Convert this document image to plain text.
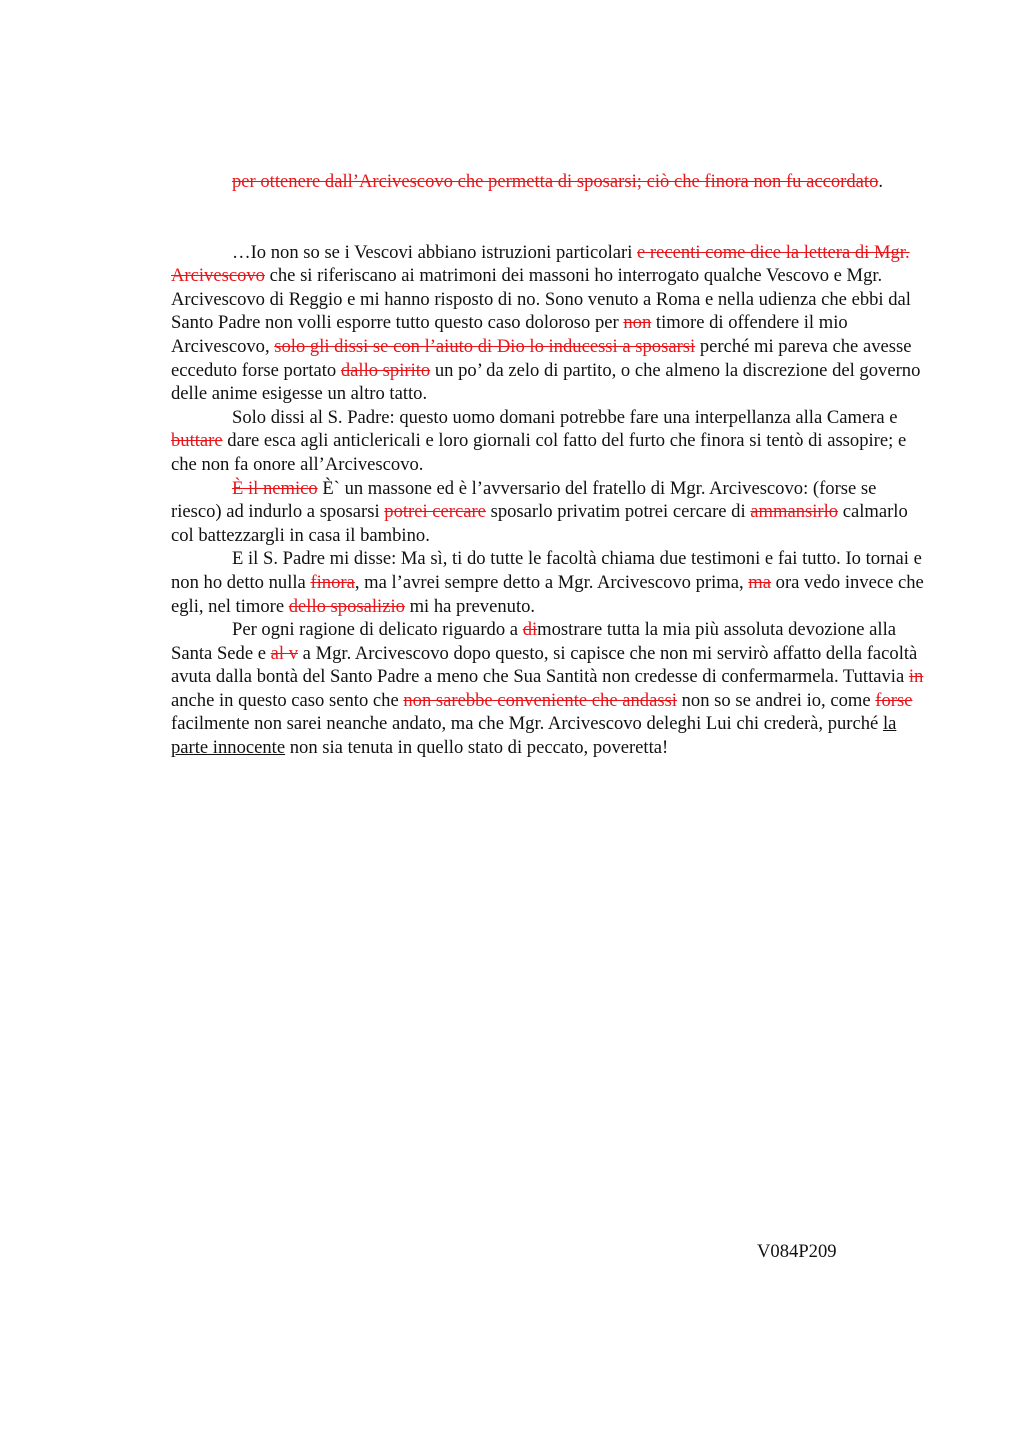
per ottenere dall’Arcivescovo che permetta di sposarsi; ciò che finora non fu accordato.

…Io non so se i Vescovi abbiano istruzioni particolari e recenti come dice la lettera di Mgr. Arcivescovo che si riferiscano ai matrimoni dei massoni ho interrogato qualche Vescovo e Mgr. Arcivescovo di Reggio e mi hanno risposto di no. Sono venuto a Roma e nella udienza che ebbi dal Santo Padre non volli esporre tutto questo caso doloroso per non timore di offendere il mio Arcivescovo, solo gli dissi se con l’aiuto di Dio lo inducessi a sposarsi perché mi pareva che avesse ecceduto forse portato dallo spirito un po’ da zelo di partito, o che almeno la discrezione del governo delle anime esigesse un altro tatto.

Solo dissi al S. Padre: questo uomo domani potrebbe fare una interpellanza alla Camera e buttare dare esca agli anticlericali e loro giornali col fatto del furto che finora si tentò di assopire; e che non fa onore all’Arcivescovo.

È il nemico È` un massone ed è l’avversario del fratello di Mgr. Arcivescovo: (forse se riesco) ad indurlo a sposarsi potrei cercare sposarlo privatim potrei cercare di ammansirlo calmarlo col battezzargli in casa il bambino.

E il S. Padre mi disse: Ma sì, ti do tutte le facoltà chiama due testimoni e fai tutto. Io tornai e non ho detto nulla finora, ma l’avrei sempre detto a Mgr. Arcivescovo prima, ma ora vedo invece che egli, nel timore dello sposalizio mi ha prevenuto.

Per ogni ragione di delicato riguardo a dimostrare tutta la mia più assoluta devozione alla Santa Sede e al v a Mgr. Arcivescovo dopo questo, si capisce che non mi servirò affatto della facoltà avuta dalla bontà del Santo Padre a meno che Sua Santità non credesse di confermarmela. Tuttavia in anche in questo caso sento che non sarebbe conveniente che andassi non so se andrei io, come forse facilmente non sarei neanche andato, ma che Mgr. Arcivescovo deleghi Lui chi crederà, purché la parte innocente non sia tenuta in quello stato di peccato, poveretta!

V084P209
